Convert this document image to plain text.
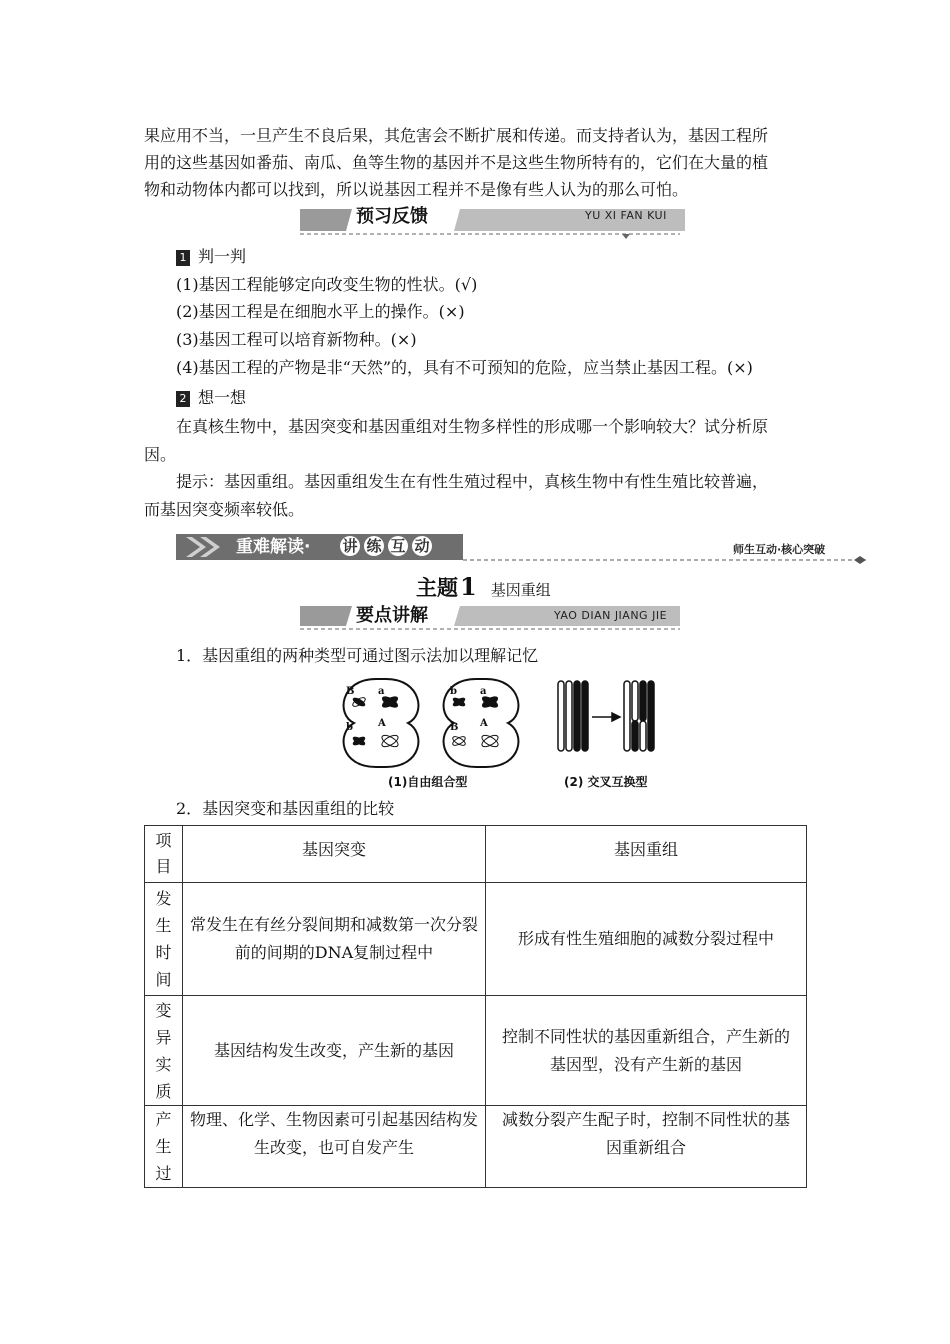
果应用不当，一旦产生不良后果，其危害会不断扩展和传递。而支持者认为，基因工程所
用的这些基因如番茄、南瓜、鱼等生物的基因并不是这些生物所特有的，它们在大量的植
物和动物体内都可以找到，所以说基因工程并不是像有些人认为的那么可怕。
预习反馈	YU XI FAN KUI
1 判一判
(1)基因工程能够定向改变生物的性状。(√)
(2)基因工程是在细胞水平上的操作。(×)
(3)基因工程可以培育新物种。(×)
(4)基因工程的产物是非“天然”的，具有不可预知的危险，应当禁止基因工程。(×)
2 想一想
在真核生物中，基因突变和基因重组对生物多样性的形成哪一个影响较大？试分析原
因。
提示：基因重组。基因重组发生在有性生殖过程中，真核生物中有性生殖比较普遍，
而基因突变频率较低。
重难解读· 讲 练 互 动	师生互动·核心突破
主题1 基因重组
要点讲解	YAO DIAN JIANG JIE
1．基因重组的两种类型可通过图示法加以理解记忆
B a
b	A
b a
B A
(1)自由组合型	(2) 交叉互换型
2．基因突变和基因重组的比较
项目	基因突变	基因重组

发生时间	常发生在有丝分裂间期和减数第一次分裂前的间期的DNA复制过程中	形成有性生殖细胞的减数分裂过程中

变异实质	基因结构发生改变，产生新的基因	控制不同性状的基因重新组合，产生新的基因型，没有产生新的基因

产生过	物理、化学、生物因素可引起基因结构发生改变，也可自发产生	减数分裂产生配子时，控制不同性状的基因重新组合
